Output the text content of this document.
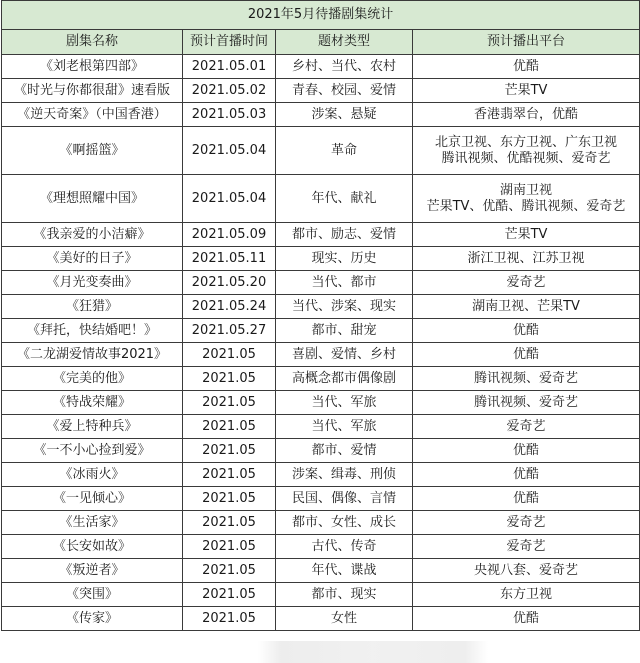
2021年5月待播剧集统计			
剧集名称	预计首播时间	题材类型	预计播出平台
《刘老根第四部》	2021.05.01	乡村、当代、农村	优酷

《时光与你都很甜》速看版	2021.05.02	青春、校园、爱情	芒果TV

《逆天奇案》（中国香港）	2021.05.03	涉案、悬疑	香港翡翠台，优酷

《啊摇篮》	2021.05.04	革命	北京卫视、东方卫视、广东卫视
腾讯视频、优酷视频、爱奇艺

《理想照耀中国》	2021.05.04	年代、献礼	湖南卫视
芒果TV、优酷、腾讯视频、爱奇艺

《我亲爱的小洁癖》	2021.05.09	都市、励志、爱情	芒果TV

《美好的日子》	2021.05.11	现实、历史	浙江卫视、江苏卫视

《月光变奏曲》	2021.05.20	当代、都市	爱奇艺

《狂猎》	2021.05.24	当代、涉案、现实	湖南卫视、芒果TV

《拜托，快结婚吧！》	2021.05.27	都市、甜宠	优酷

《二龙湖爱情故事2021》	2021.05	喜剧、爱情、乡村	优酷

《完美的他》	2021.05	高概念都市偶像剧	腾讯视频、爱奇艺

《特战荣耀》	2021.05	当代、军旅	腾讯视频、爱奇艺

《爱上特种兵》	2021.05	当代、军旅	爱奇艺

《一不小心捡到爱》	2021.05	都市、爱情	优酷

《冰雨火》	2021.05	涉案、缉毒、刑侦	优酷

《一见倾心》	2021.05	民国、偶像、言情	优酷

《生活家》	2021.05	都市、女性、成长	爱奇艺

《长安如故》	2021.05	古代、传奇	爱奇艺

《叛逆者》	2021.05	年代、谍战	央视八套、爱奇艺

《突围》	2021.05	都市、现实	东方卫视

《传家》	2021.05	女性	优酷
